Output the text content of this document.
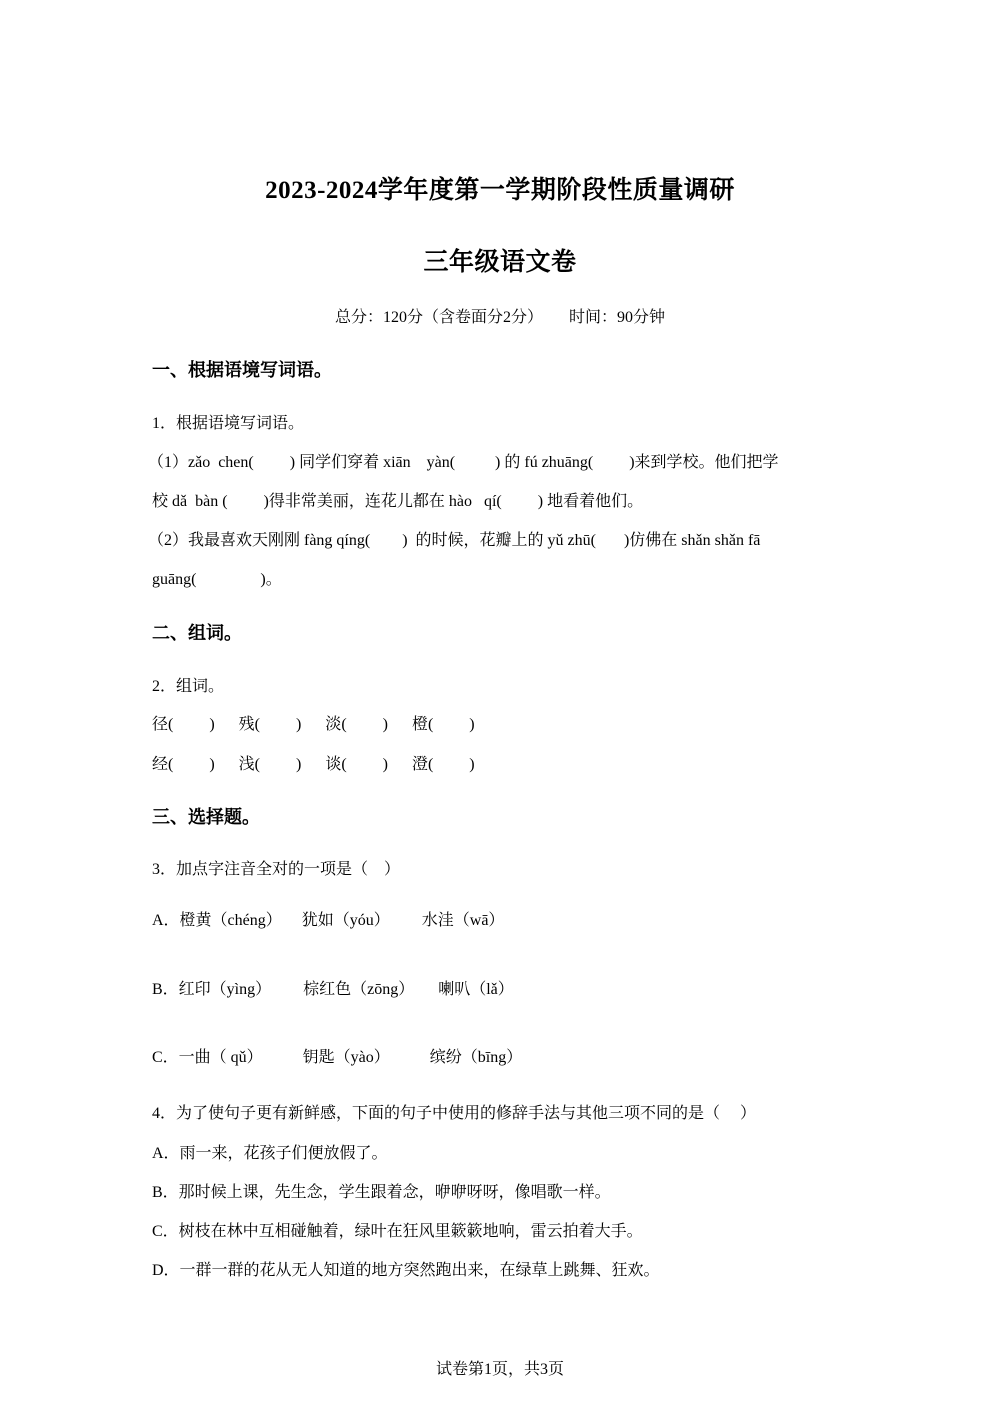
2023-2024学年度第一学期阶段性质量调研
三年级语文卷
总分：120分（含卷面分2分） 时间：90分钟
一、根据语境写词语。
1．根据语境写词语。
（1）zǎo  chen(         ) 同学们穿着 xiān    yàn(          ) 的 fú zhuāng(         )来到学校。他们把学
校 dǎ  bàn (         )得非常美丽，连花儿都在 hào   qí(         ) 地看着他们。
（2）我最喜欢天刚刚 fàng qíng(        )  的时候，花瓣上的 yǔ zhū(       )仿佛在 shǎn shǎn fā
guāng(                )。
二、组词。
2．组词。
径(         )      残(         )      淡(         )      橙(         )
经(         )      浅(         )      谈(         )      澄(         )
三、选择题。
3．加点字注音全对的一项是（    ）
A．橙黄（chéng）     犹如（yóu）        水洼（wā）
B．红印（yìng）        棕红色（zōng）      喇叭（lǎ）
C．一曲（ qǔ）          钥匙（yào）          缤纷（bīng）
4．为了使句子更有新鲜感，下面的句子中使用的修辞手法与其他三项不同的是（     ）
A．雨一来，花孩子们便放假了。
B．那时候上课，先生念，学生跟着念，咿咿呀呀，像唱歌一样。
C．树枝在林中互相碰触着，绿叶在狂风里簌簌地响，雷云拍着大手。
D．一群一群的花从无人知道的地方突然跑出来，在绿草上跳舞、狂欢。
试卷第1页，共3页
